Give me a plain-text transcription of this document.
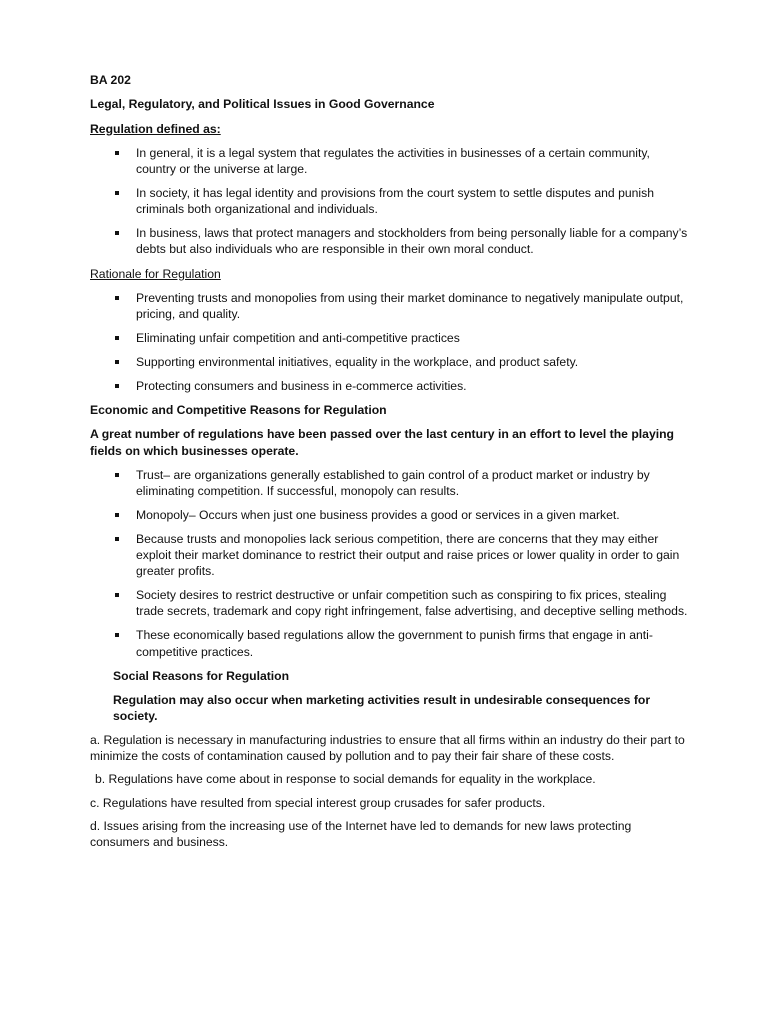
BA 202

Legal, Regulatory, and Political Issues in Good Governance

Regulation defined as:

In general, it is a legal system that regulates the activities in businesses of a certain community, country or the universe at large.
In society, it has legal identity and provisions from the court system to settle disputes and punish criminals both organizational and individuals.
In business, laws that protect managers and stockholders from being personally liable for a company’s debts but also individuals who are responsible in their own moral conduct.

Rationale for Regulation

Preventing trusts and monopolies from using their market dominance to negatively manipulate output, pricing, and quality.
Eliminating unfair competition and anti-competitive practices
Supporting environmental initiatives, equality in the workplace, and product safety.
Protecting consumers and business in e-commerce activities.

Economic and Competitive Reasons for Regulation

A great number of regulations have been passed over the last century in an effort to level the playing fields on which businesses operate.

Trust– are organizations generally established to gain control of a product market or industry by eliminating competition. If successful, monopoly can results.
Monopoly– Occurs when just one business provides a good or services in a given market.
Because trusts and monopolies lack serious competition, there are concerns that they may either exploit their market dominance to restrict their output and raise prices or lower quality in order to gain greater profits.
Society desires to restrict destructive or unfair competition such as conspiring to fix prices, stealing trade secrets, trademark and copy right infringement, false advertising, and deceptive selling methods.
These economically based regulations allow the government to punish firms that engage in anti-competitive practices.

Social Reasons for Regulation

Regulation may also occur when marketing activities result in undesirable consequences for society.

a. Regulation is necessary in manufacturing industries to ensure that all firms within an industry do their part to minimize the costs of contamination caused by pollution and to pay their fair share of these costs.

b. Regulations have come about in response to social demands for equality in the workplace.

c. Regulations have resulted from special interest group crusades for safer products.

d. Issues arising from the increasing use of the Internet have led to demands for new laws protecting consumers and business.
